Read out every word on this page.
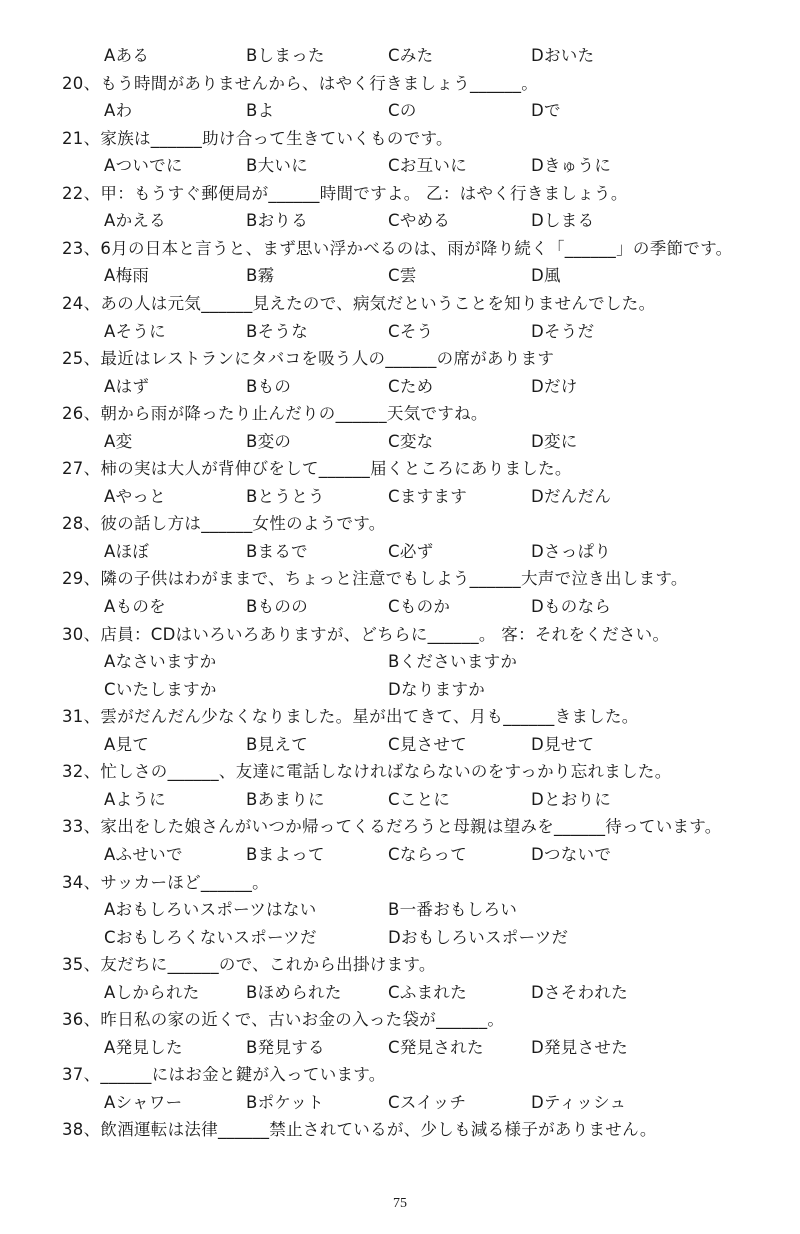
Aある	Bしまった	Cみた	Dおいた
20、もう時間がありませんから、はやく行きましょう______。
Aわ	Bよ	Cの	Dで
21、家族は______助け合って生きていくものです。
Aついでに	B大いに	Cお互いに	Dきゅうに
22、甲：もうすぐ郵便局が______時間ですよ。 乙：はやく行きましょう。
Aかえる	Bおりる	Cやめる	Dしまる
23、6月の日本と言うと、まず思い浮かべるのは、雨が降り続く「______」の季節です。
A梅雨	B霧	C雲	D風
24、あの人は元気______見えたので、病気だということを知りませんでした。
Aそうに	Bそうな	Cそう	Dそうだ
25、最近はレストランにタバコを吸う人の______の席があります
Aはず	Bもの	Cため	Dだけ
26、朝から雨が降ったり止んだりの______天気ですね。
A変	B変の	C変な	D変に
27、柿の実は大人が背伸びをして______届くところにありました。
Aやっと	Bとうとう	Cますます	Dだんだん
28、彼の話し方は______女性のようです。
Aほぼ	Bまるで	C必ず	Dさっぱり
29、隣の子供はわがままで、ちょっと注意でもしよう______大声で泣き出します。
Aものを	Bものの	Cものか	Dものなら
30、店員：CDはいろいろありますが、どちらに______。 客：それをください。
Aなさいますか	Bくださいますか
Cいたしますか	Dなりますか
31、雲がだんだん少なくなりました。星が出てきて、月も______きました。
A見て	B見えて	C見させて	D見せて
32、忙しさの______、友達に電話しなければならないのをすっかり忘れました。
Aように	Bあまりに	Cことに	Dとおりに
33、家出をした娘さんがいつか帰ってくるだろうと母親は望みを______待っています。
Aふせいで	Bまよって	Cならって	Dつないで
34、サッカーほど______。
Aおもしろいスポーツはない	B一番おもしろい
Cおもしろくないスポーツだ	Dおもしろいスポーツだ
35、友だちに______ので、これから出掛けます。
Aしかられた	Bほめられた	Cふまれた	Dさそわれた
36、昨日私の家の近くで、古いお金の入った袋が______。
A発見した	B発見する	C発見された	D発見させた
37、______にはお金と鍵が入っています。
Aシャワー	Bポケット	Cスイッチ	Dティッシュ
38、飲酒運転は法律______禁止されているが、少しも減る様子がありません。
75
